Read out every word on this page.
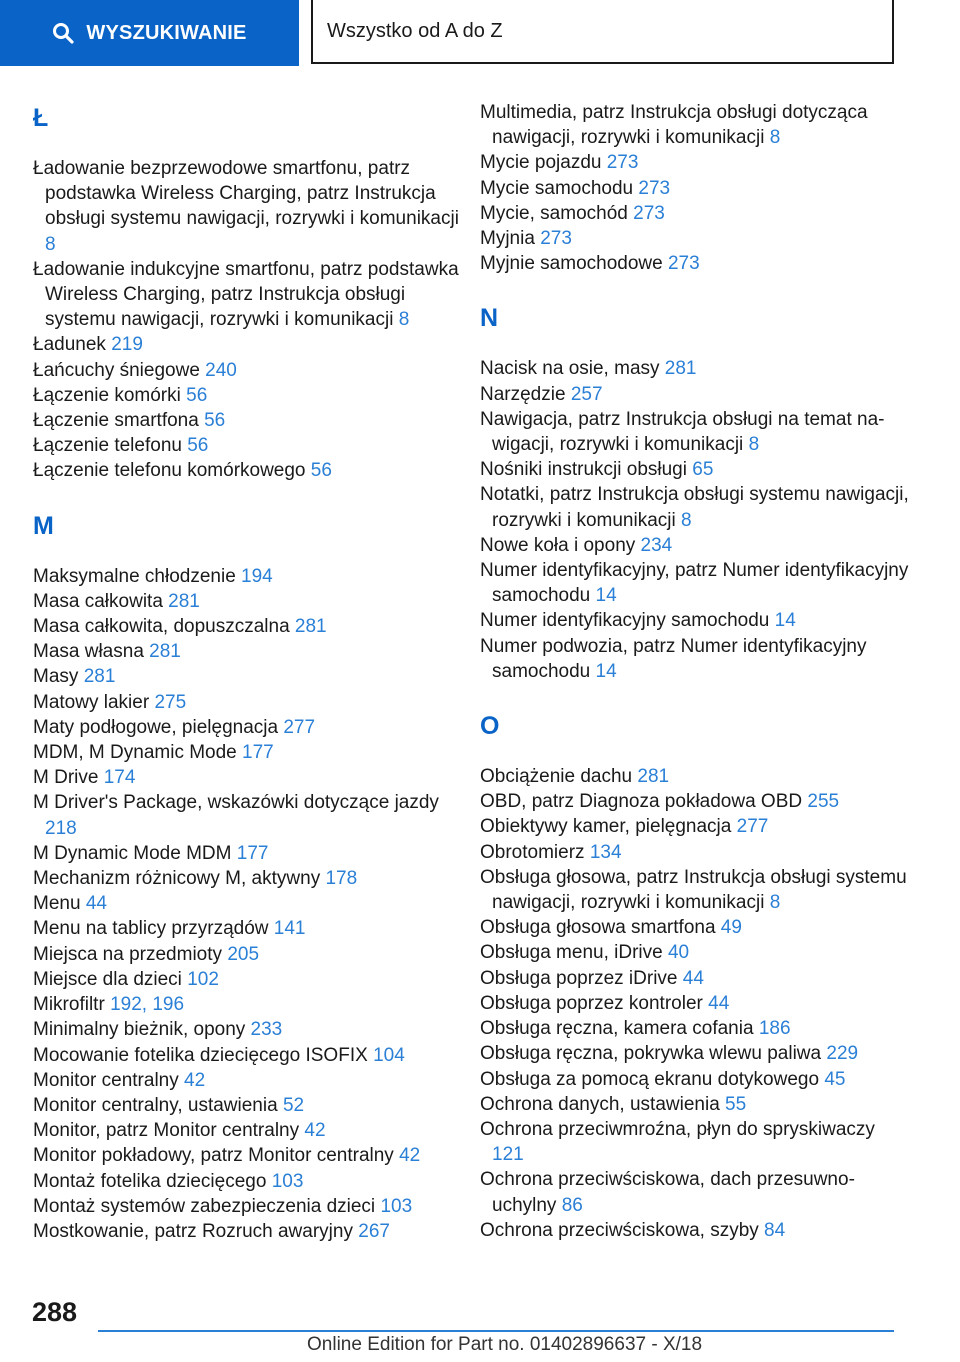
WYSZUKIWANIE	Wszystko od A do Z
Ł

Ładowanie bezprzewodowe smartfonu, patrz podstawka Wireless Charging, patrz Instrukcja obsługi systemu nawigacji, rozrywki i komunikacji 8

Ładowanie indukcyjne smartfonu, patrz podstawka Wireless Charging, patrz Instrukcja obsługi systemu nawigacji, rozrywki i komunikacji 8

Ładunek 219

Łańcuchy śniegowe 240

Łączenie komórki 56

Łączenie smartfona 56

Łączenie telefonu 56

Łączenie telefonu komórkowego 56

M

Maksymalne chłodzenie 194

Masa całkowita 281

Masa całkowita, dopuszczalna 281

Masa własna 281

Masy 281

Matowy lakier 275

Maty podłogowe, pielęgnacja 277

MDM, M Dynamic Mode 177

M Drive 174

M Driver's Package, wskazówki dotyczące jazdy 218

M Dynamic Mode MDM 177

Mechanizm różnicowy M, aktywny 178

Menu 44

Menu na tablicy przyrządów 141

Miejsca na przedmioty 205

Miejsce dla dzieci 102

Mikrofiltr 192, 196

Minimalny bieżnik, opony 233

Mocowanie fotelika dziecięcego ISOFIX 104

Monitor centralny 42

Monitor centralny, ustawienia 52

Monitor, patrz Monitor centralny 42

Monitor pokładowy, patrz Monitor centralny 42

Montaż fotelika dziecięcego 103

Montaż systemów zabezpieczenia dzieci 103

Mostkowanie, patrz Rozruch awaryjny 267

Multimedia, patrz Instrukcja obsługi dotycząca nawigacji, rozrywki i komunikacji 8

Mycie pojazdu 273

Mycie samochodu 273

Mycie, samochód 273

Myjnia 273

Myjnie samochodowe 273

N

Nacisk na osie, masy 281

Narzędzie 257

Nawigacja, patrz Instrukcja obsługi na temat nawigacji, rozrywki i komunikacji 8

Nośniki instrukcji obsługi 65

Notatki, patrz Instrukcja obsługi systemu nawigacji, rozrywki i komunikacji 8

Nowe koła i opony 234

Numer identyfikacyjny, patrz Numer identyfikacyjny samochodu 14

Numer identyfikacyjny samochodu 14

Numer podwozia, patrz Numer identyfikacyjny samochodu 14

O

Obciążenie dachu 281

OBD, patrz Diagnoza pokładowa OBD 255

Obiektywy kamer, pielęgnacja 277

Obrotomierz 134

Obsługa głosowa, patrz Instrukcja obsługi systemu nawigacji, rozrywki i komunikacji 8

Obsługa głosowa smartfona 49

Obsługa menu, iDrive 40

Obsługa poprzez iDrive 44

Obsługa poprzez kontroler 44

Obsługa ręczna, kamera cofania 186

Obsługa ręczna, pokrywka wlewu paliwa 229

Obsługa za pomocą ekranu dotykowego 45

Ochrona danych, ustawienia 55

Ochrona przeciwmroźna, płyn do spryskiwaczy 121

Ochrona przeciwściskowa, dach przesuwnouchylny 86

Ochrona przeciwściskowa, szyby 84

288
Online Edition for Part no. 01402896637 - X/18
